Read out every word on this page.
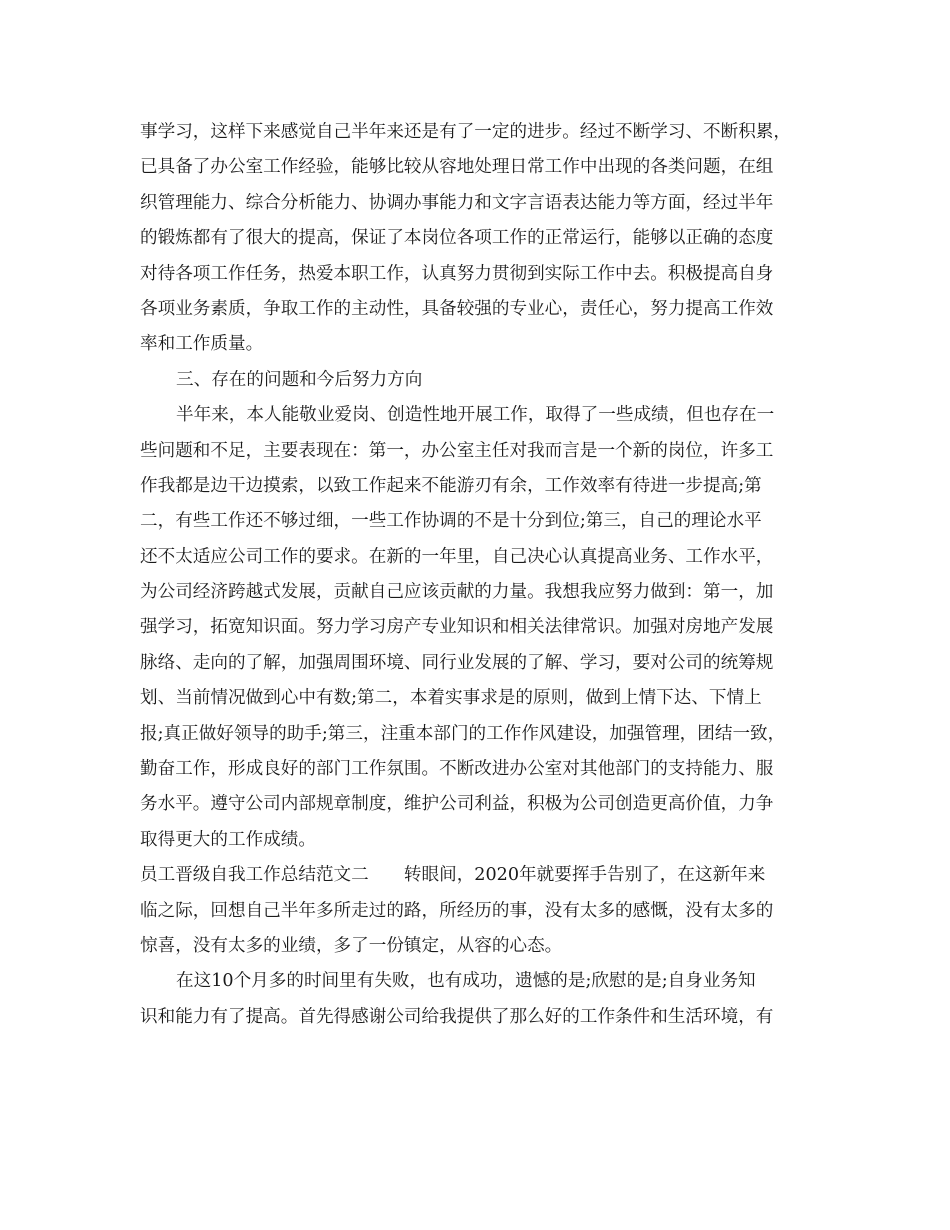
事学习，这样下来感觉自己半年来还是有了一定的进步。经过不断学习、不断积累，
已具备了办公室工作经验，能够比较从容地处理日常工作中出现的各类问题，在组
织管理能力、综合分析能力、协调办事能力和文字言语表达能力等方面，经过半年
的锻炼都有了很大的提高，保证了本岗位各项工作的正常运行，能够以正确的态度
对待各项工作任务，热爱本职工作，认真努力贯彻到实际工作中去。积极提高自身
各项业务素质，争取工作的主动性，具备较强的专业心，责任心，努力提高工作效
率和工作质量。
三、存在的问题和今后努力方向
半年来，本人能敬业爱岗、创造性地开展工作，取得了一些成绩，但也存在一
些问题和不足，主要表现在：第一，办公室主任对我而言是一个新的岗位，许多工
作我都是边干边摸索，以致工作起来不能游刃有余，工作效率有待进一步提高;第
二，有些工作还不够过细，一些工作协调的不是十分到位;第三，自己的理论水平
还不太适应公司工作的要求。在新的一年里，自己决心认真提高业务、工作水平，
为公司经济跨越式发展，贡献自己应该贡献的力量。我想我应努力做到：第一，加
强学习，拓宽知识面。努力学习房产专业知识和相关法律常识。加强对房地产发展
脉络、走向的了解，加强周围环境、同行业发展的了解、学习，要对公司的统筹规
划、当前情况做到心中有数;第二，本着实事求是的原则，做到上情下达、下情上
报;真正做好领导的助手;第三，注重本部门的工作作风建设，加强管理，团结一致，
勤奋工作，形成良好的部门工作氛围。不断改进办公室对其他部门的支持能力、服
务水平。遵守公司内部规章制度，维护公司利益，积极为公司创造更高价值，力争
取得更大的工作成绩。
员工晋级自我工作总结范文二　　转眼间，2020年就要挥手告别了，在这新年来
临之际，回想自己半年多所走过的路，所经历的事，没有太多的感慨，没有太多的
惊喜，没有太多的业绩，多了一份镇定，从容的心态。
在这10个月多的时间里有失败，也有成功，遗憾的是;欣慰的是;自身业务知
识和能力有了提高。首先得感谢公司给我提供了那么好的工作条件和生活环境，有
